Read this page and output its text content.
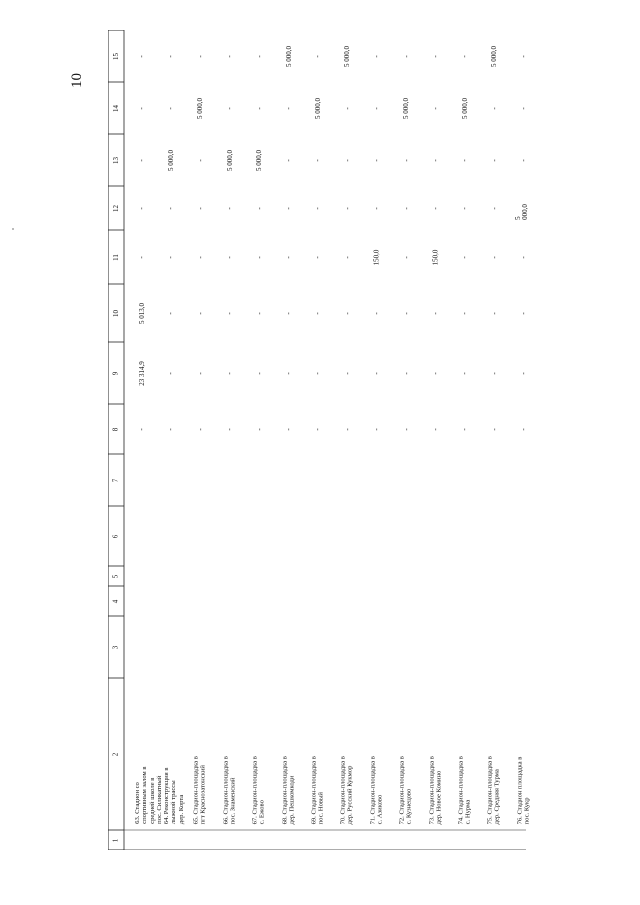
10
1
2
3
4
5
6
7
8
9
10
11
12
13
14
15
63. Стадион со спортивным залом в средней школе в пос. Силикатный
-
23 314,9
5 013,0
-
-
-
-
-
64. Реконструкция в лыжной трассы дер. Корта
-
-
-
-
-
5 000,0
-
-
65. Стадион-площадка в пгт Краснозатонский
-
-
-
-
-
-
5 000,0
-
66. Стадион-площадка в пос. Знаменский
-
-
-
-
-
5 000,0
-
-
67. Стадион-площадка в с. Ежово
-
-
-
-
-
5 000,0
-
-
68. Стадион-площадка в дер. Пешкомкоди
-
-
-
-
-
-
-
5 000,0
69. Стадион-площадка в пос. Новый
-
-
-
-
-
-
5 000,0
-
70. Стадион-площадка в дер. Русский Кукмор
-
-
-
-
-
-
-
5 000,0
71. Стадион-площадка в с. Азиково
-
-
-
150,0
-
-
-
-
72. Стадион-площадка в с. Кузнецово
-
-
-
-
-
-
5 000,0
-
73. Стадион-площадка в дер. Новое Комино
-
-
-
150,0
-
-
-
-
74. Стадион-площадка в с. Нурма
-
-
-
-
-
-
5 000,0
-
75. Стадион-площадка в дер. Средняя Турма
-
-
-
-
-
-
-
5 000,0
76. Стадион площадка в пос. Кукр
-
-
-
-
5 000,0
-
-
-
